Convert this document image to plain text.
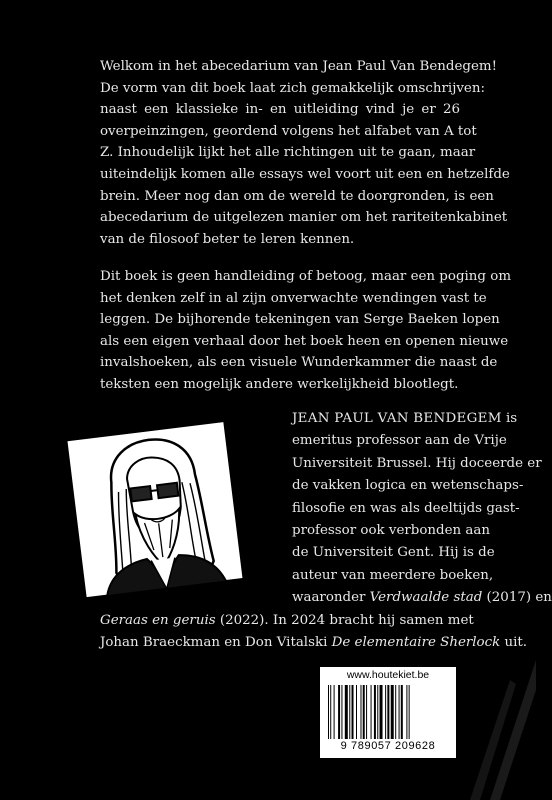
Welkom in het abecedarium van Jean Paul Van Bendegem!
De vorm van dit boek laat zich gemakkelijk omschrijven:
naast een klassieke in- en uitleiding vind je er 26
overpeinzingen, geordend volgens het alfabet van A tot
Z. Inhoudelijk lijkt het alle richtingen uit te gaan, maar
uiteindelijk komen alle essays wel voort uit een en hetzelfde
brein. Meer nog dan om de wereld te doorgronden, is een
abecedarium de uitgelezen manier om het rariteitenkabinet
van de filosoof beter te leren kennen.
Dit boek is geen handleiding of betoog, maar een poging om
het denken zelf in al zijn onverwachte wendingen vast te
leggen. De bijhorende tekeningen van Serge Baeken lopen
als een eigen verhaal door het boek heen en openen nieuwe
invalshoeken, als een visuele Wunderkammer die naast de
teksten een mogelijk andere werkelijkheid blootlegt.
JEAN PAUL VAN BENDEGEM is
emeritus professor aan de Vrije
Universiteit Brussel. Hij doceerde er
de vakken logica en wetenschaps-
filosofie en was als deeltijds gast-
professor ook verbonden aan
de Universiteit Gent. Hij is de
auteur van meerdere boeken,
waaronder Verdwaalde stad (2017) en
Geraas en geruis (2022). In 2024 bracht hij samen met
Johan Braeckman en Don Vitalski De elementaire Sherlock uit.
www.houtekiet.be
9 789057 209628
